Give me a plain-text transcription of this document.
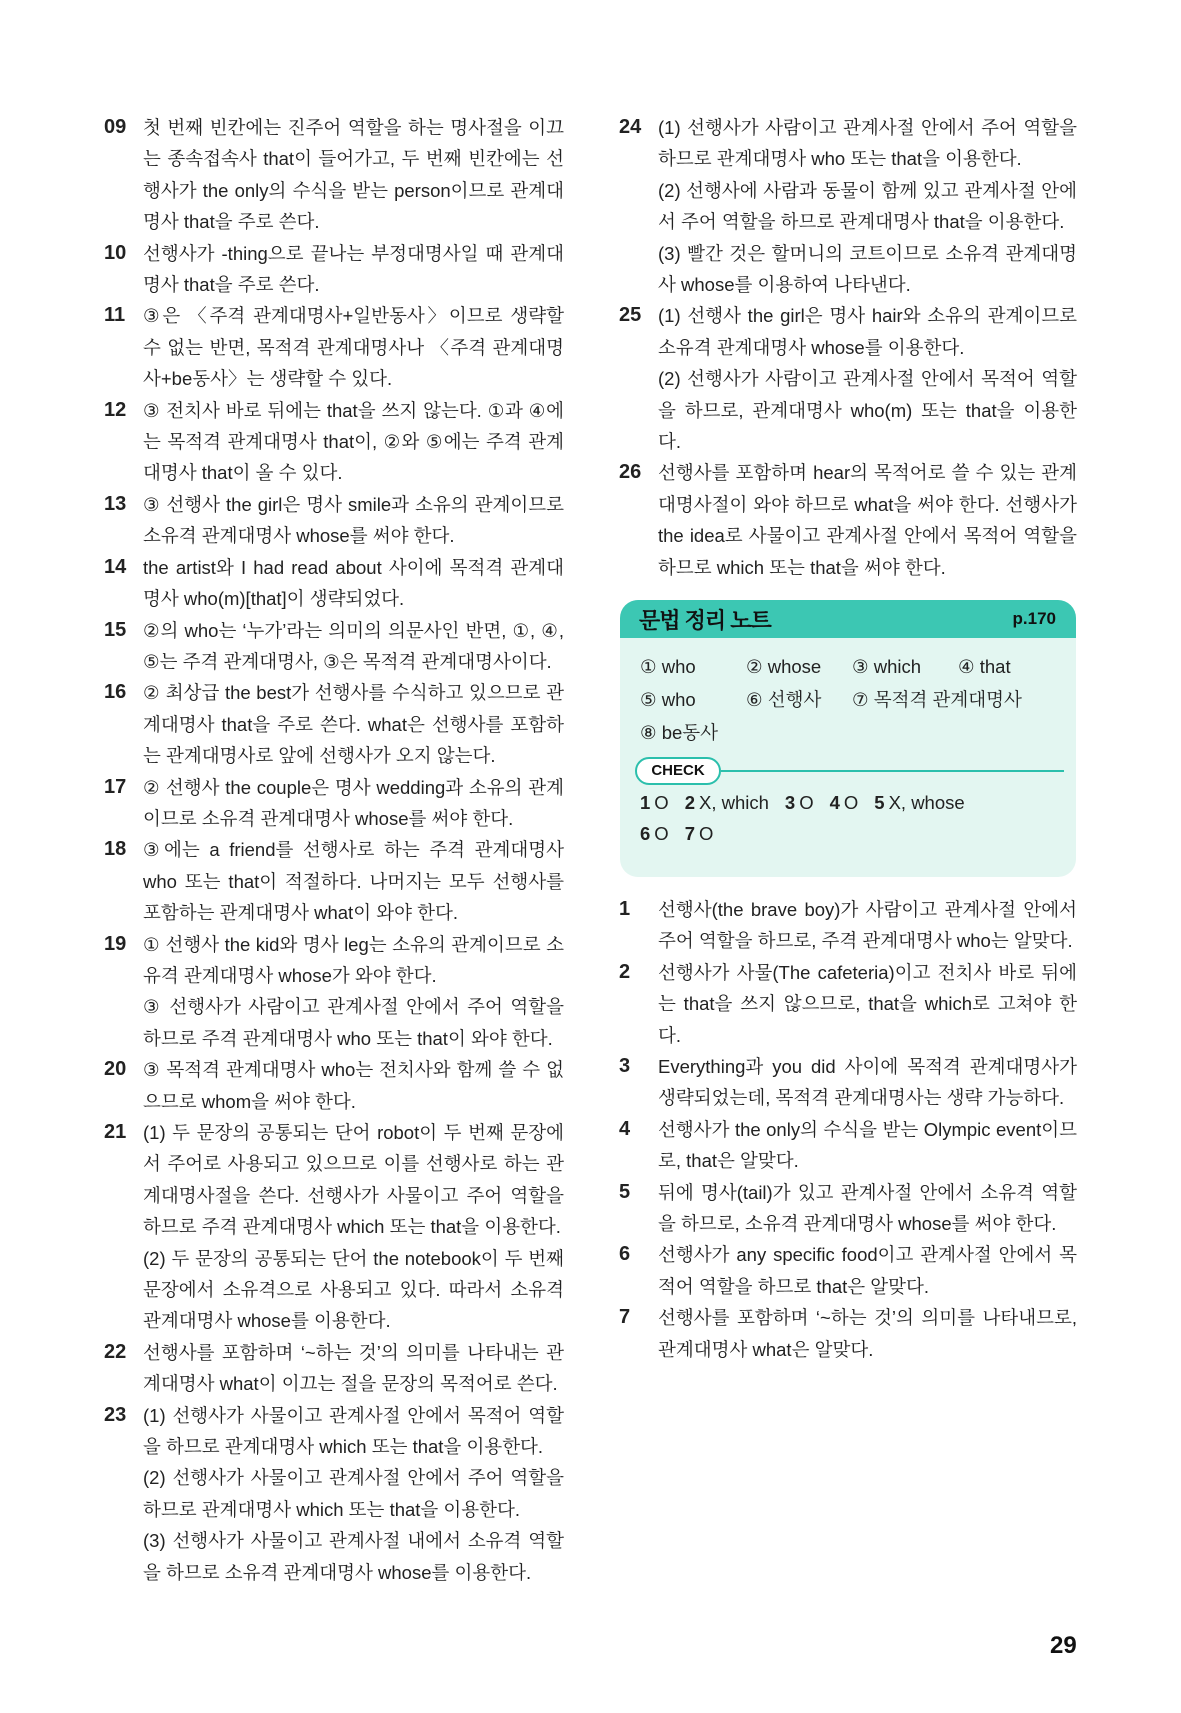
09 첫 번째 빈칸에는 진주어 역할을 하는 명사절을 이끄는 종속접속사 that이 들어가고, 두 번째 빈칸에는 선행사가 the only의 수식을 받는 person이므로 관계대명사 that을 주로 쓴다.

10 선행사가 -thing으로 끝나는 부정대명사일 때 관계대명사 that을 주로 쓴다.

11 ③은 〈주격 관계대명사+일반동사〉이므로 생략할 수 없는 반면, 목적격 관계대명사나 〈주격 관계대명사+be동사〉는 생략할 수 있다.

12 ③ 전치사 바로 뒤에는 that을 쓰지 않는다. ①과 ④에는 목적격 관계대명사 that이, ②와 ⑤에는 주격 관계대명사 that이 올 수 있다.

13 ③ 선행사 the girl은 명사 smile과 소유의 관계이므로 소유격 관계대명사 whose를 써야 한다.

14 the artist와 I had read about 사이에 목적격 관계대명사 who(m)[that]이 생략되었다.

15 ②의 who는 ‘누가’라는 의미의 의문사인 반면, ①, ④, ⑤는 주격 관계대명사, ③은 목적격 관계대명사이다.

16 ② 최상급 the best가 선행사를 수식하고 있으므로 관계대명사 that을 주로 쓴다. what은 선행사를 포함하는 관계대명사로 앞에 선행사가 오지 않는다.

17 ② 선행사 the couple은 명사 wedding과 소유의 관계이므로 소유격 관계대명사 whose를 써야 한다.

18 ③에는 a friend를 선행사로 하는 주격 관계대명사 who 또는 that이 적절하다. 나머지는 모두 선행사를 포함하는 관계대명사 what이 와야 한다.

19 ① 선행사 the kid와 명사 leg는 소유의 관계이므로 소유격 관계대명사 whose가 와야 한다.

③ 선행사가 사람이고 관계사절 안에서 주어 역할을 하므로 주격 관계대명사 who 또는 that이 와야 한다.

20 ③ 목적격 관계대명사 who는 전치사와 함께 쓸 수 없으므로 whom을 써야 한다.

21 (1) 두 문장의 공통되는 단어 robot이 두 번째 문장에서 주어로 사용되고 있으므로 이를 선행사로 하는 관계대명사절을 쓴다. 선행사가 사물이고 주어 역할을 하므로 주격 관계대명사 which 또는 that을 이용한다.

(2) 두 문장의 공통되는 단어 the notebook이 두 번째 문장에서 소유격으로 사용되고 있다. 따라서 소유격 관계대명사 whose를 이용한다.

22 선행사를 포함하며 ‘~하는 것’의 의미를 나타내는 관계대명사 what이 이끄는 절을 문장의 목적어로 쓴다.

23 (1) 선행사가 사물이고 관계사절 안에서 목적어 역할을 하므로 관계대명사 which 또는 that을 이용한다.

(2) 선행사가 사물이고 관계사절 안에서 주어 역할을 하므로 관계대명사 which 또는 that을 이용한다.

(3) 선행사가 사물이고 관계사절 내에서 소유격 역할을 하므로 소유격 관계대명사 whose를 이용한다.

24 (1) 선행사가 사람이고 관계사절 안에서 주어 역할을 하므로 관계대명사 who 또는 that을 이용한다.

(2) 선행사에 사람과 동물이 함께 있고 관계사절 안에서 주어 역할을 하므로 관계대명사 that을 이용한다.

(3) 빨간 것은 할머니의 코트이므로 소유격 관계대명사 whose를 이용하여 나타낸다.

25 (1) 선행사 the girl은 명사 hair와 소유의 관계이므로 소유격 관계대명사 whose를 이용한다.

(2) 선행사가 사람이고 관계사절 안에서 목적어 역할을 하므로, 관계대명사 who(m) 또는 that을 이용한다.

26 선행사를 포함하며 hear의 목적어로 쓸 수 있는 관계대명사절이 와야 하므로 what을 써야 한다. 선행사가 the idea로 사물이고 관계사절 안에서 목적어 역할을 하므로 which 또는 that을 써야 한다.

문법 정리 노트	p.170
① who	② whose	③ which	④ that
⑤ who	⑥ 선행사	⑦ 목적격 관계대명사
⑧ be동사
CHECK
1 O 2 X, which 3 O 4 O 5 X, whose
6 O 7 O
1	선행사(the brave boy)가 사람이고 관계사절 안에서 주어 역할을 하므로, 주격 관계대명사 who는 알맞다.

2	선행사가 사물(The cafeteria)이고 전치사 바로 뒤에는 that을 쓰지 않으므로, that을 which로 고쳐야 한다.

3	Everything과 you did 사이에 목적격 관계대명사가 생략되었는데, 목적격 관계대명사는 생략 가능하다.

4	선행사가 the only의 수식을 받는 Olympic event이므로, that은 알맞다.

5	뒤에 명사(tail)가 있고 관계사절 안에서 소유격 역할을 하므로, 소유격 관계대명사 whose를 써야 한다.

6	선행사가 any specific food이고 관계사절 안에서 목적어 역할을 하므로 that은 알맞다.

7	선행사를 포함하며 ‘~하는 것’의 의미를 나타내므로, 관계대명사 what은 알맞다.

29
